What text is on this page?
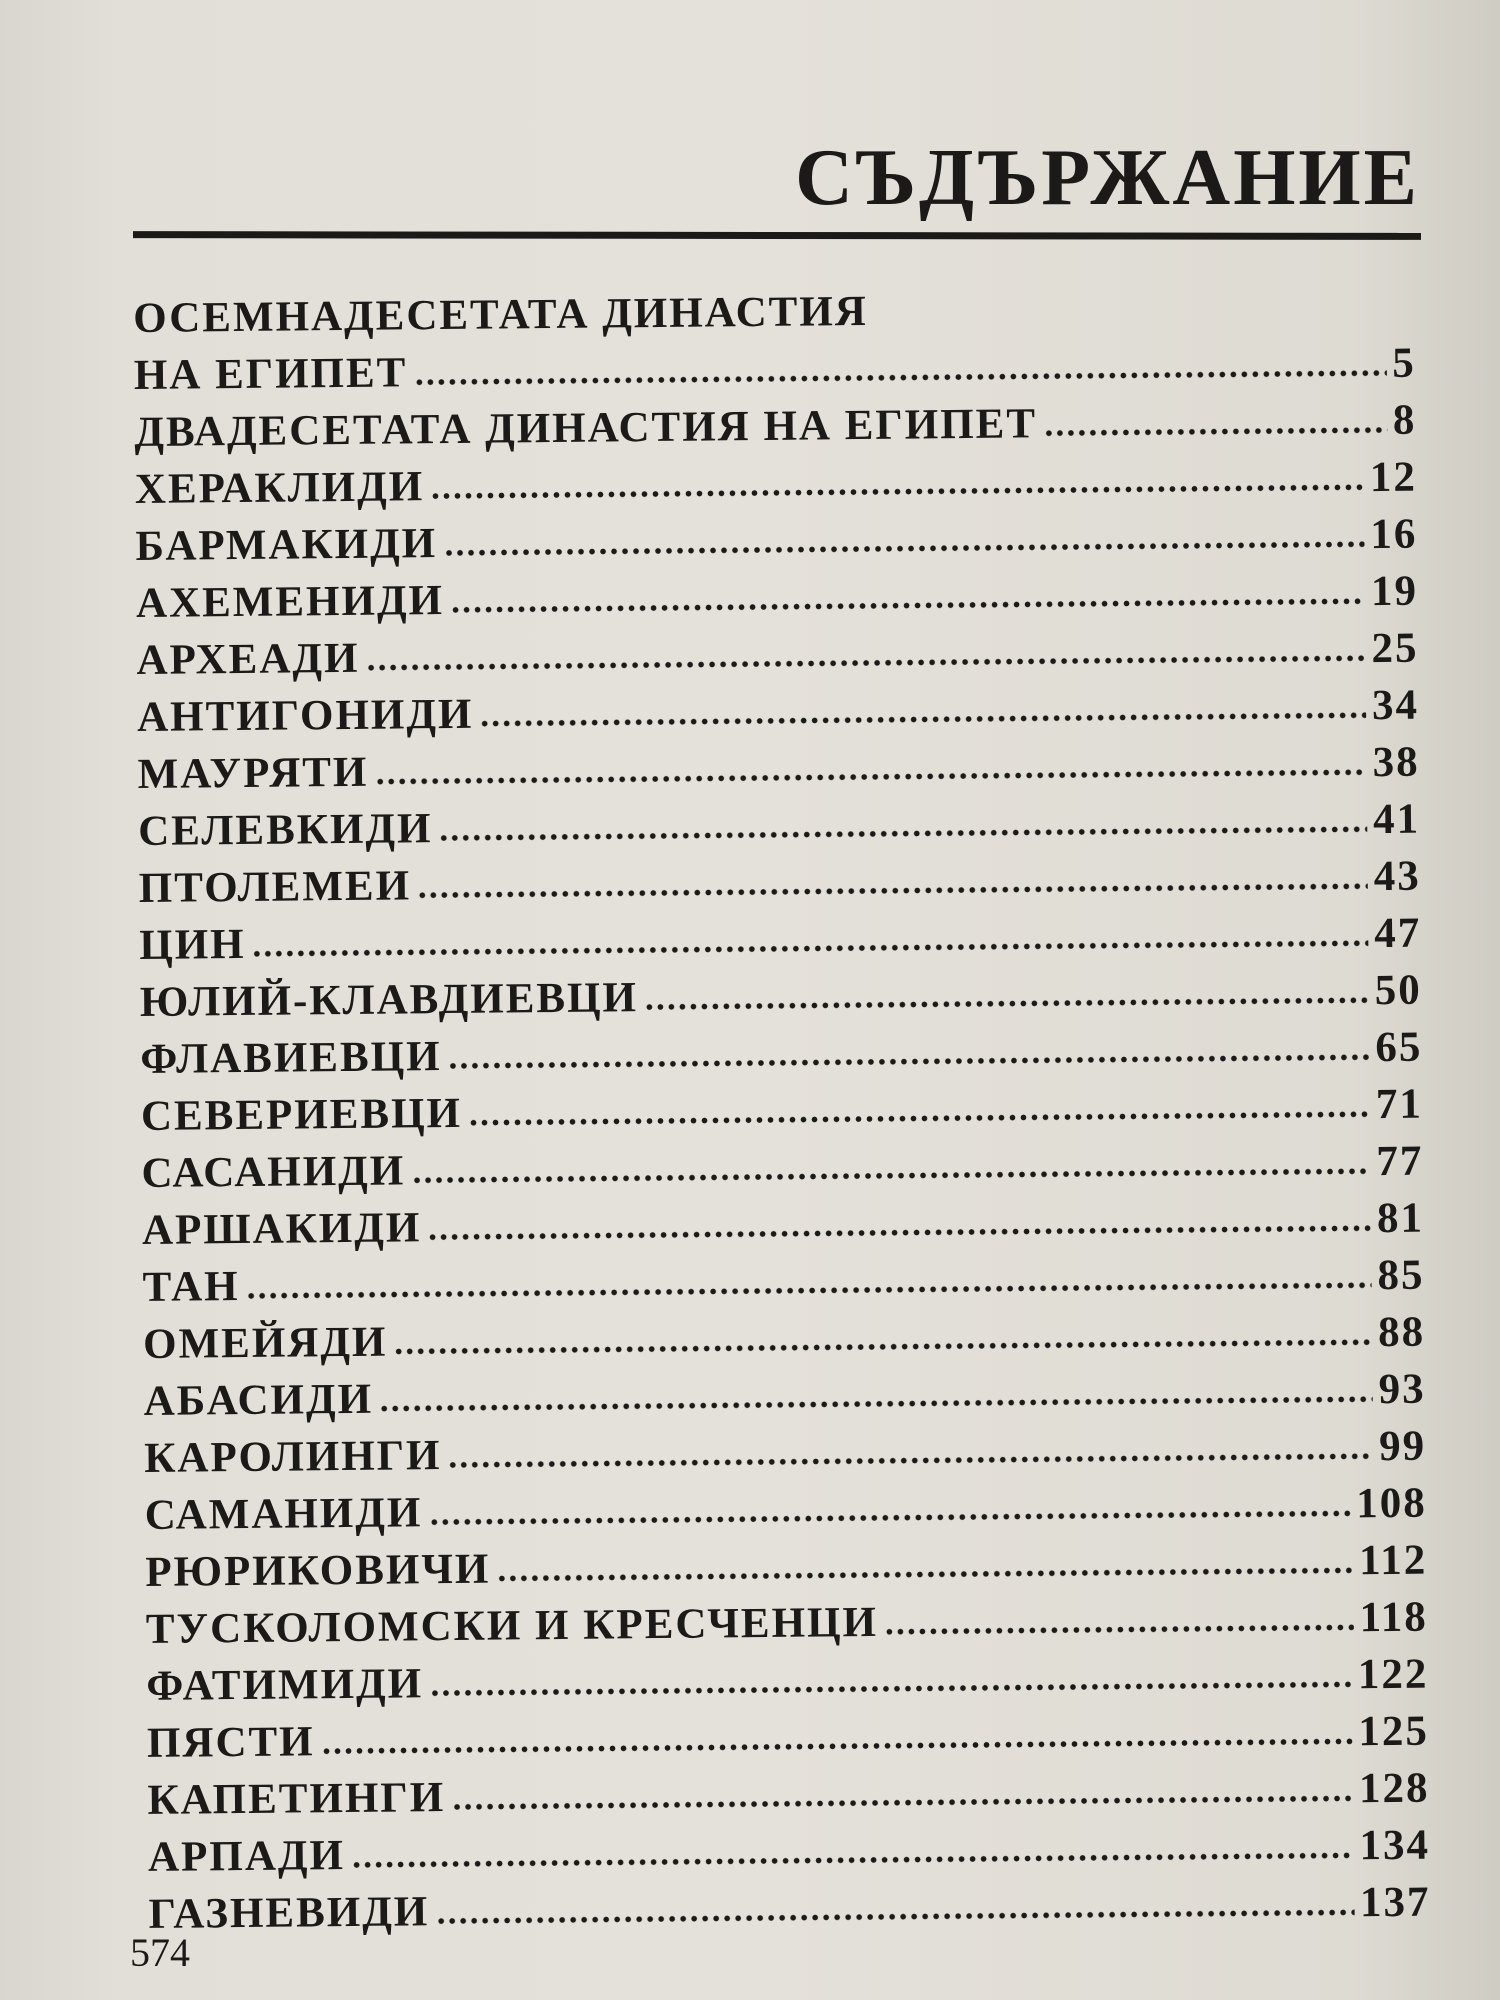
СЪДЪРЖАНИЕ
ОСЕМНАДЕСЕТАТА ДИНАСТИЯ
НА ЕГИПЕТ	5
ДВАДЕСЕТАТА ДИНАСТИЯ НА ЕГИПЕТ	8
ХЕРАКЛИДИ	12
БАРМАКИДИ	16
АХЕМЕНИДИ	19
АРХЕАДИ	25
АНТИГОНИДИ	34
МАУРЯТИ	38
СЕЛЕВКИДИ	41
ПТОЛЕМЕИ	43
ЦИН	47
ЮЛИЙ-КЛАВДИЕВЦИ	50
ФЛАВИЕВЦИ	65
СЕВЕРИЕВЦИ	71
САСАНИДИ	77
АРШАКИДИ	81
ТАН	85
ОМЕЙЯДИ	88
АБАСИДИ	93
КАРОЛИНГИ	99
САМАНИДИ	108
РЮРИКОВИЧИ	112
ТУСКОЛОМСКИ И КРЕСЧЕНЦИ	118
ФАТИМИДИ	122
ПЯСТИ	125
КАПЕТИНГИ	128
АРПАДИ	134
ГАЗНЕВИДИ	137
574
